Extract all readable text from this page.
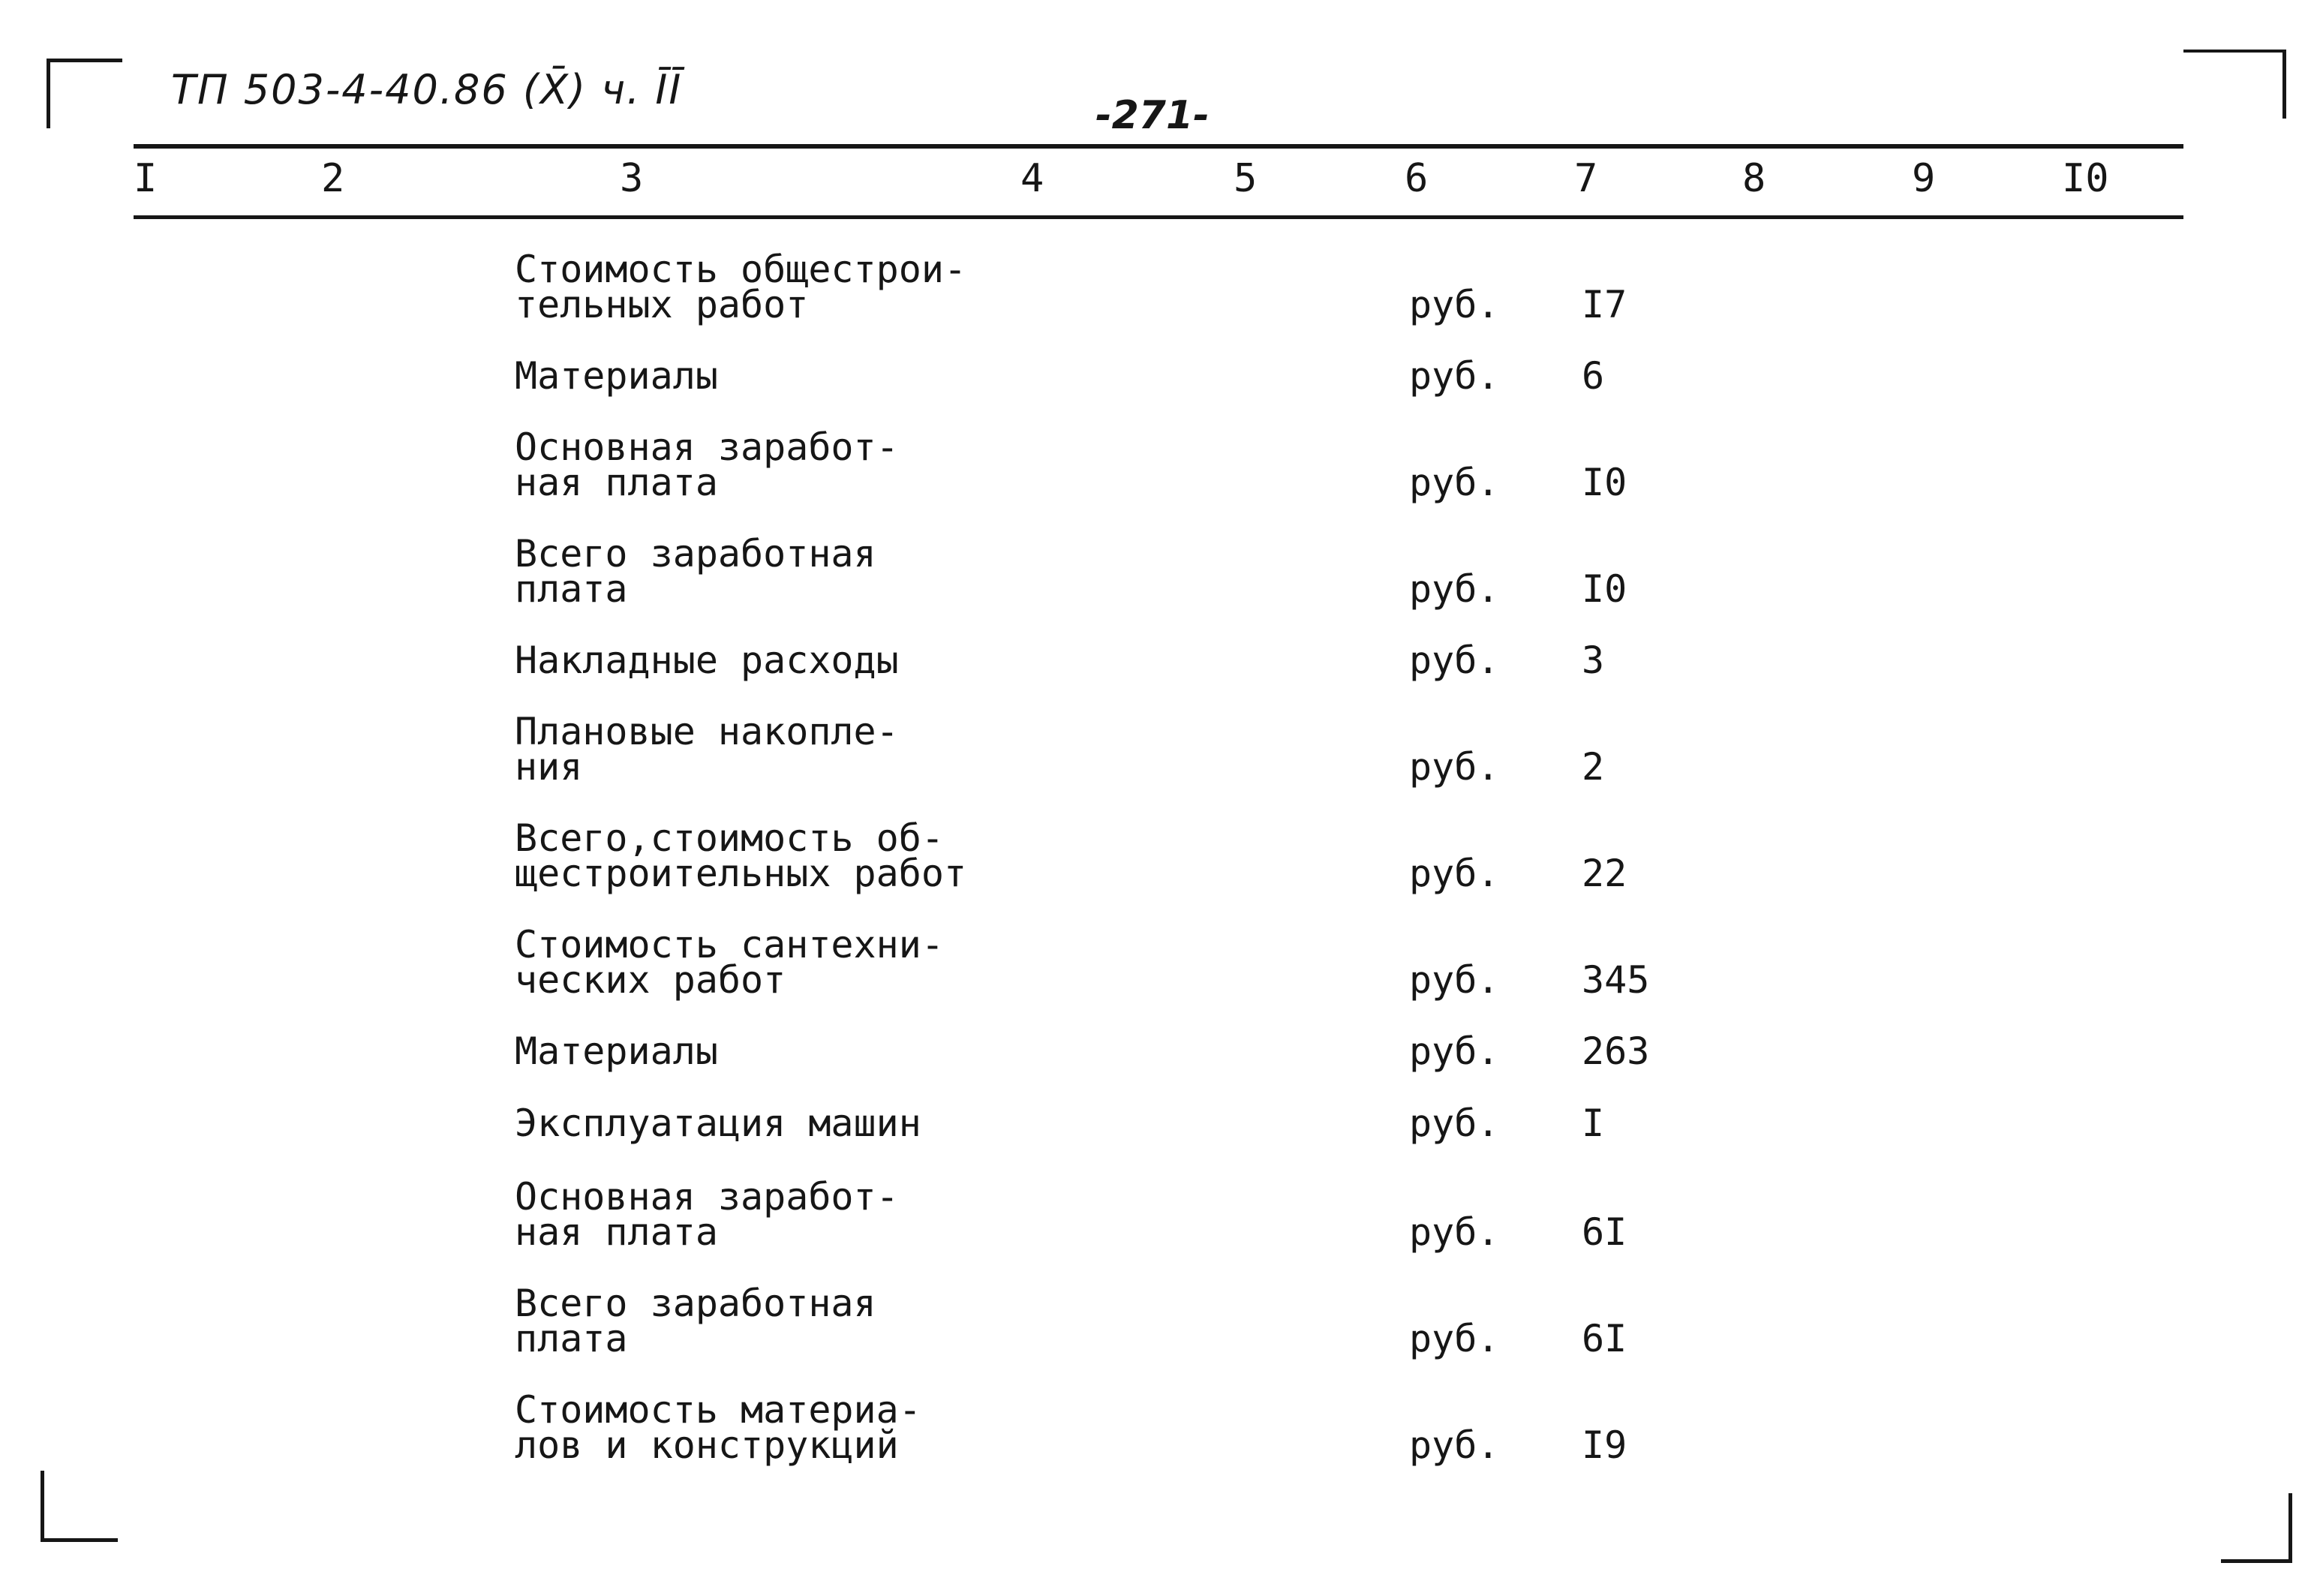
ТП 503-4-40.86 (X̄) ч. ĪĪ
-271-
I	2	3	4	5	6	7	8	9	I0
Стоимость общестрои-
тельных работ	руб. I7
Материалы	руб. 6
Основная заработ-
ная плата	руб. I0
Всего заработная
плата	руб. I0
Накладные расходы	руб. 3
Плановые накопле-
ния	руб. 2
Всего,стоимость об-
щестроительных работ	руб. 22
Стоимость сантехни-
ческих работ	руб. 345
Материалы	руб. 263
Эксплуатация машин	руб. I
Основная заработ-
ная плата	руб. 6I
Всего заработная
плата	руб. 6I
Стоимость материа-
лов и конструкций	руб. I9
